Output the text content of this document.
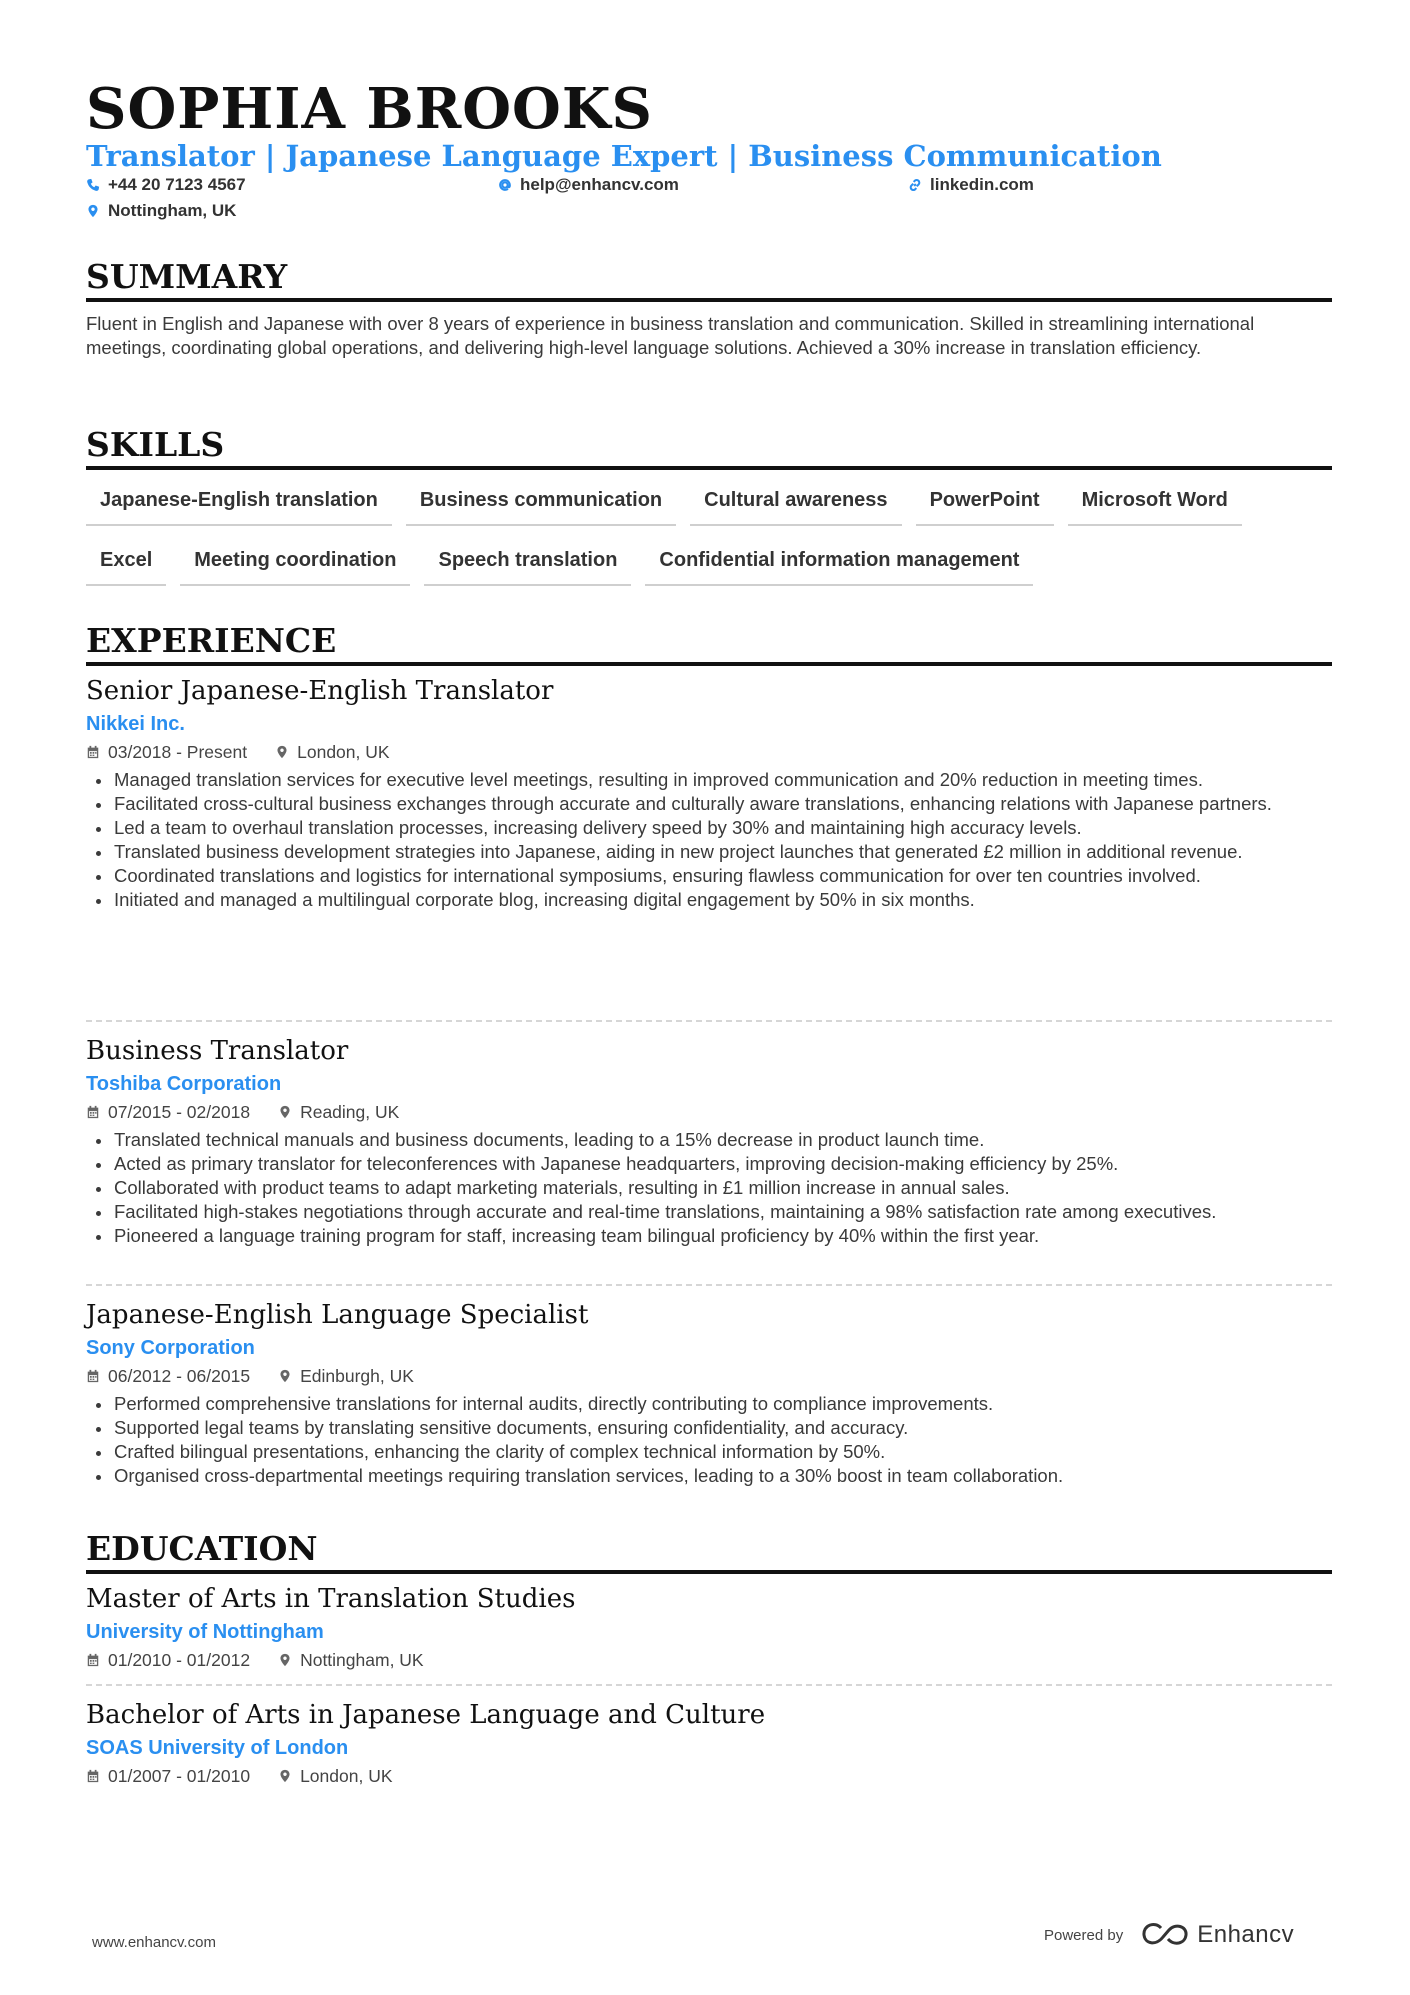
SOPHIA BROOKS
Translator | Japanese Language Expert | Business Communication
+44 20 7123 4567	help@enhancv.com	linkedin.com
Nottingham, UK
SUMMARY

Fluent in English and Japanese with over 8 years of experience in business translation and communication. Skilled in streamlining international meetings, coordinating global operations, and delivering high-level language solutions. Achieved a 30% increase in translation efficiency.

SKILLS
Japanese-English translation	Business communication	Cultural awareness	PowerPoint	Microsoft Word
Excel	Meeting coordination	Speech translation	Confidential information management
EXPERIENCE
Senior Japanese-English Translator
Nikkei Inc.
03/2018 - Present	London, UK
Managed translation services for executive level meetings, resulting in improved communication and 20% reduction in meeting times.
Facilitated cross-cultural business exchanges through accurate and culturally aware translations, enhancing relations with Japanese partners.
Led a team to overhaul translation processes, increasing delivery speed by 30% and maintaining high accuracy levels.
Translated business development strategies into Japanese, aiding in new project launches that generated £2 million in additional revenue.
Coordinated translations and logistics for international symposiums, ensuring flawless communication for over ten countries involved.
Initiated and managed a multilingual corporate blog, increasing digital engagement by 50% in six months.
Business Translator
Toshiba Corporation
07/2015 - 02/2018	Reading, UK
Translated technical manuals and business documents, leading to a 15% decrease in product launch time.
Acted as primary translator for teleconferences with Japanese headquarters, improving decision-making efficiency by 25%.
Collaborated with product teams to adapt marketing materials, resulting in £1 million increase in annual sales.
Facilitated high-stakes negotiations through accurate and real-time translations, maintaining a 98% satisfaction rate among executives.
Pioneered a language training program for staff, increasing team bilingual proficiency by 40% within the first year.
Japanese-English Language Specialist
Sony Corporation
06/2012 - 06/2015	Edinburgh, UK
Performed comprehensive translations for internal audits, directly contributing to compliance improvements.
Supported legal teams by translating sensitive documents, ensuring confidentiality, and accuracy.
Crafted bilingual presentations, enhancing the clarity of complex technical information by 50%.
Organised cross-departmental meetings requiring translation services, leading to a 30% boost in team collaboration.
EDUCATION
Master of Arts in Translation Studies
University of Nottingham
01/2010 - 01/2012	Nottingham, UK
Bachelor of Arts in Japanese Language and Culture
SOAS University of London
01/2007 - 01/2010	London, UK
www.enhancv.com	Powered by	Enhancv
